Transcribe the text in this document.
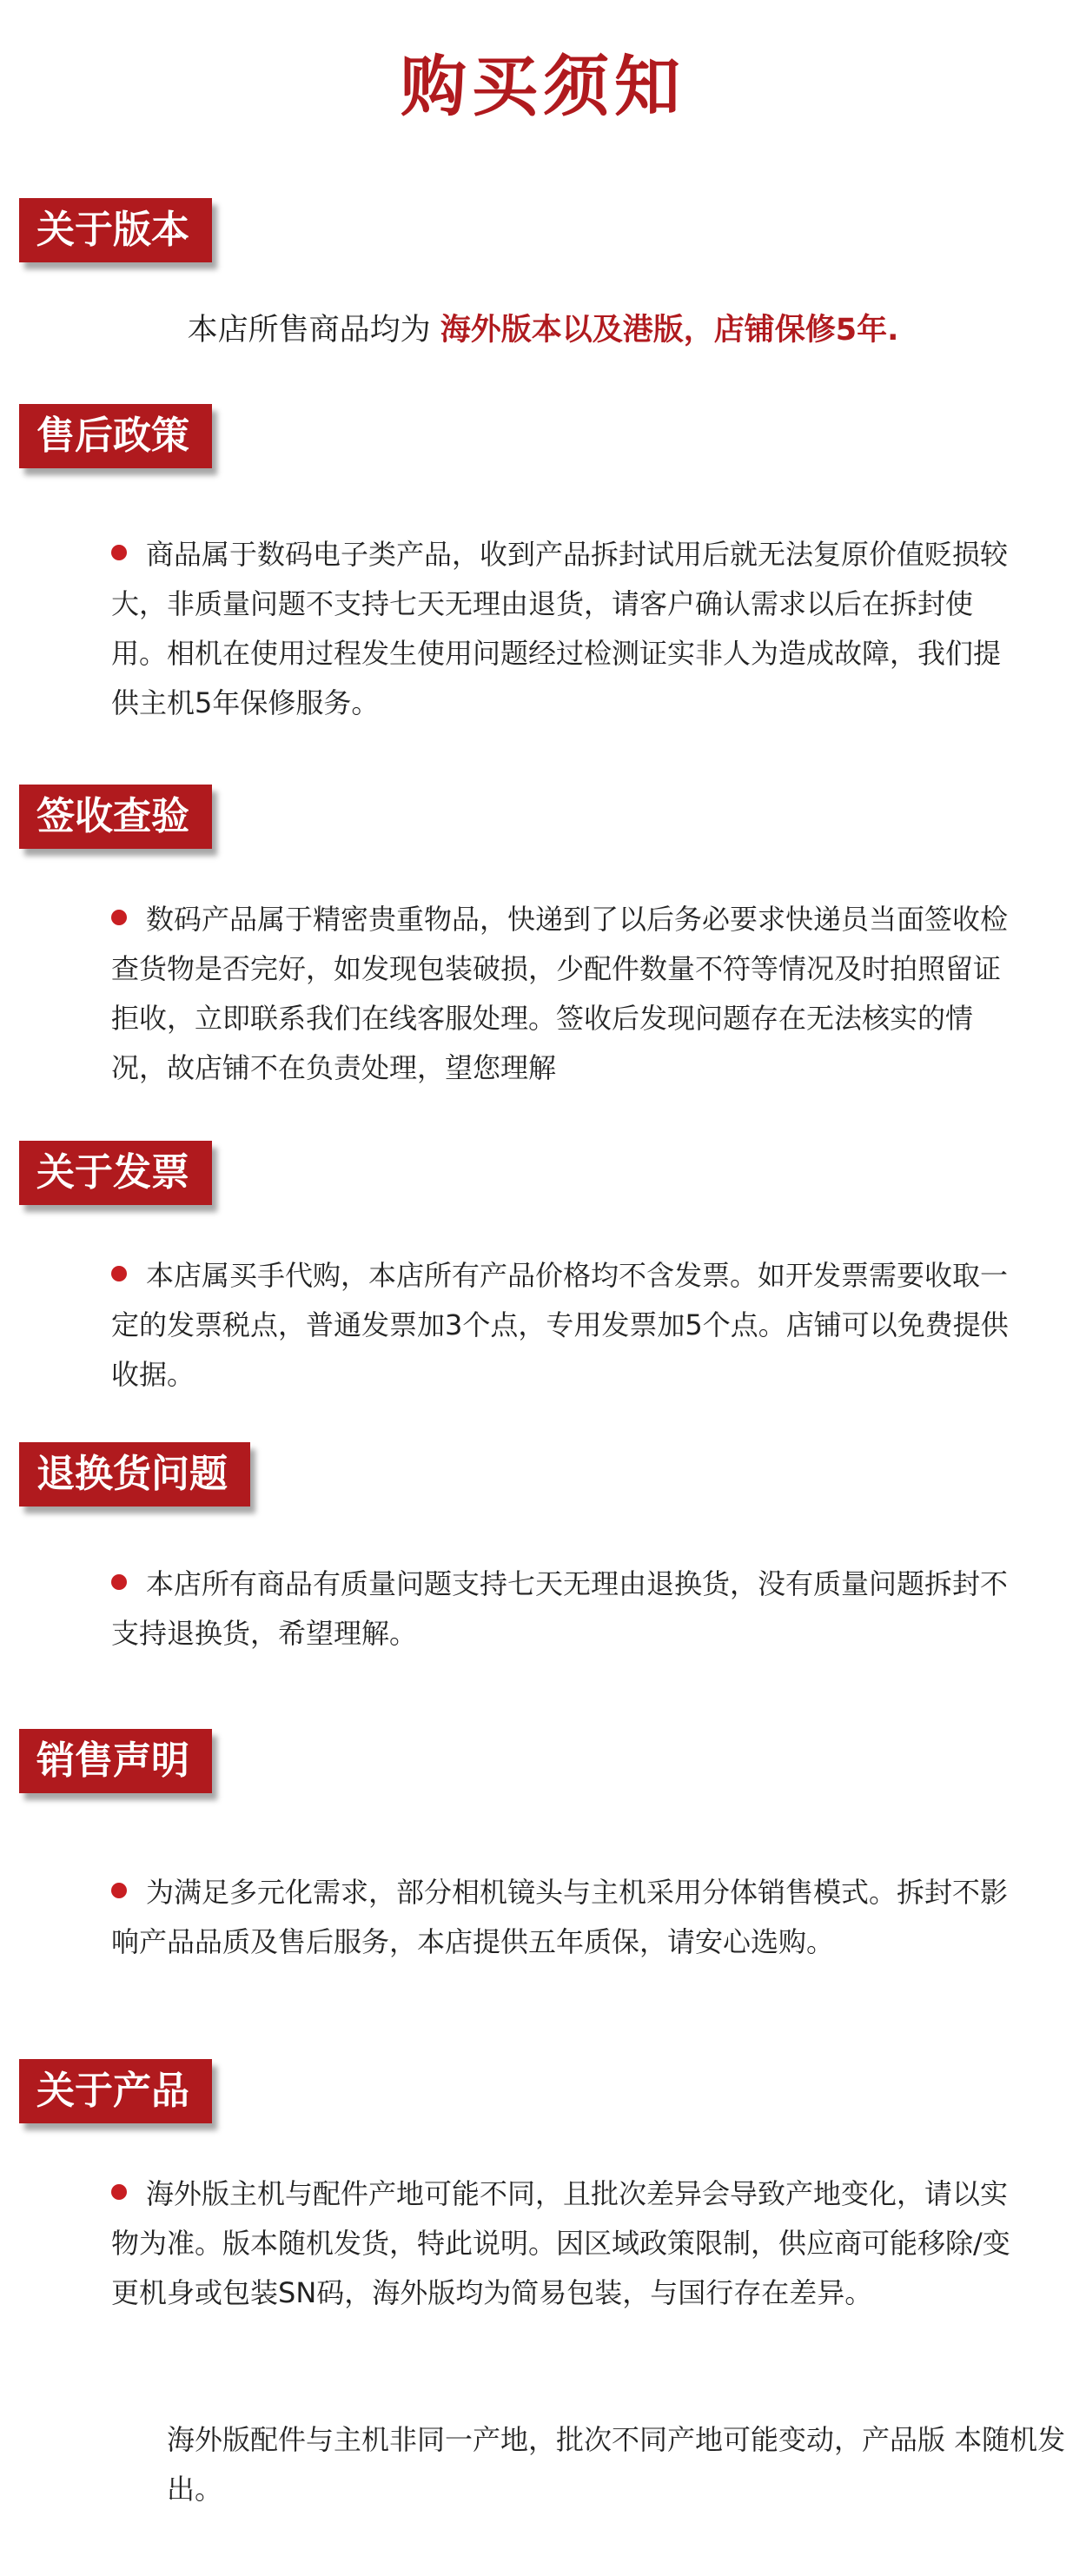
购买须知
关于版本
本店所售商品均为 海外版本以及港版，店铺保修5年.
售后政策
商品属于数码电子类产品，收到产品拆封试用后就无法复原价值贬损较大，非质量问题不支持七天无理由退货，请客户确认需求以后在拆封使用。相机在使用过程发生使用问题经过检测证实非人为造成故障，我们提供主机5年保修服务。
签收查验
数码产品属于精密贵重物品，快递到了以后务必要求快递员当面签收检查货物是否完好，如发现包装破损，少配件数量不符等情况及时拍照留证拒收，立即联系我们在线客服处理。签收后发现问题存在无法核实的情况，故店铺不在负责处理，望您理解
关于发票
本店属买手代购，本店所有产品价格均不含发票。如开发票需要收取一定的发票税点，普通发票加3个点，专用发票加5个点。店铺可以免费提供收据。
退换货问题
本店所有商品有质量问题支持七天无理由退换货，没有质量问题拆封不支持退换货，希望理解。
销售声明
为满足多元化需求，部分相机镜头与主机采用分体销售模式。拆封不影响产品品质及售后服务，本店提供五年质保，请安心选购。
关于产品
海外版主机与配件产地可能不同，且批次差异会导致产地变化，请以实物为准。版本随机发货，特此说明。因区域政策限制，供应商可能移除/变更机身或包装SN码，海外版均为简易包装，与国行存在差异。
海外版配件与主机非同一产地，批次不同产地可能变动，产品版 本随机发出。
